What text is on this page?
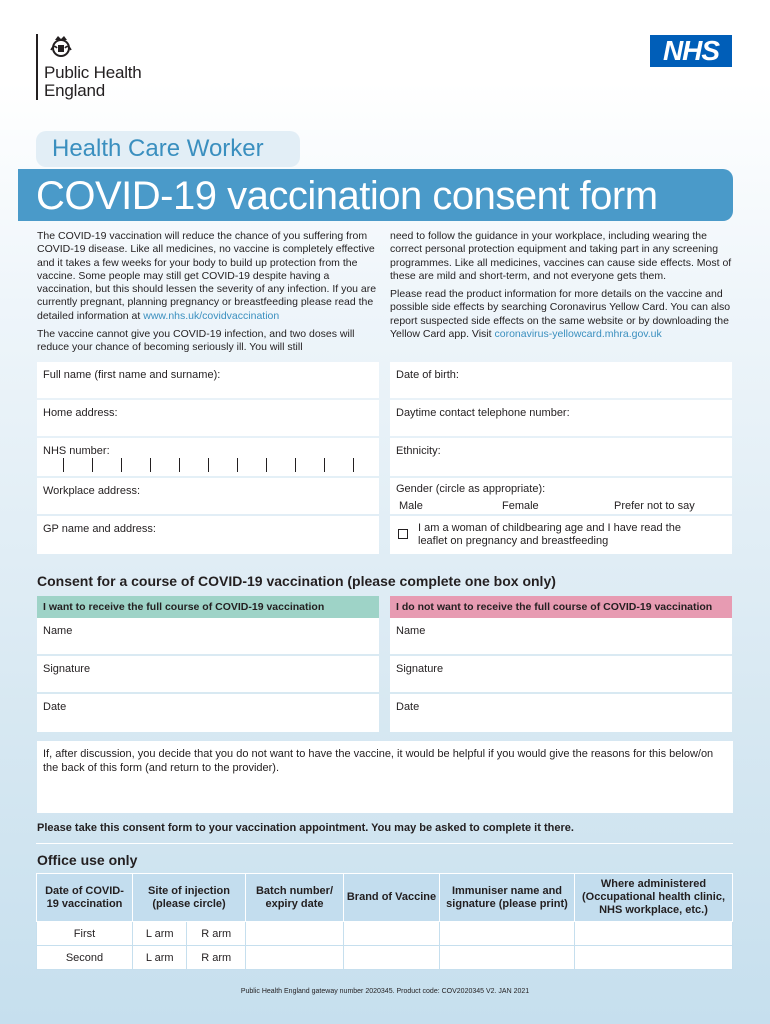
Public Health
England
NHS
Health Care Worker
COVID-19 vaccination consent form

The COVID-19 vaccination will reduce the chance of you suffering from COVID-19 disease. Like all medicines, no vaccine is completely effective and it takes a few weeks for your body to build up protection from the vaccine. Some people may still get COVID-19 despite having a vaccination, but this should lessen the severity of any infection. If you are currently pregnant, planning pregnancy or breastfeeding please read the detailed information at www.nhs.uk/covidvaccination

The vaccine cannot give you COVID-19 infection, and two doses will reduce your chance of becoming seriously ill. You will still

need to follow the guidance in your workplace, including wearing the correct personal protection equipment and taking part in any screening programmes. Like all medicines, vaccines can cause side effects. Most of these are mild and short-term, and not everyone gets them.

Please read the product information for more details on the vaccine and possible side effects by searching Coronavirus Yellow Card. You can also report suspected side effects on the same website or by downloading the Yellow Card app. Visit coronavirus-yellowcard.mhra.gov.uk

Full name (first name and surname):	Date of birth:
Home address:	Daytime contact telephone number:
NHS number:	Ethnicity:
Workplace address:	Gender (circle as appropriate):
Male	Female	Prefer not to say
GP name and address:	I am a woman of childbearing age and I have read the leaflet on pregnancy and breastfeeding
Consent for a course of COVID-19 vaccination (please complete one box only)
I want to receive the full course of COVID-19 vaccination	I do not want to receive the full course of COVID-19 vaccination
Name	Name
Signature	Signature
Date	Date
If, after discussion, you decide that you do not want to have the vaccine, it would be helpful if you would give the reasons for this below/on the back of this form (and return to the provider).
Please take this consent form to your vaccination appointment. You may be asked to complete it there.
Office use only
Date of COVID-19 vaccination	Site of injection (please circle)		Batch number/ expiry date	Brand of Vaccine	Immuniser name and signature (please print)	Where administered (Occupational health clinic, NHS workplace, etc.)
First	L arm	R arm				
Second	L arm	R arm				
Public Health England gateway number 2020345. Product code: COV2020345 V2. JAN 2021
